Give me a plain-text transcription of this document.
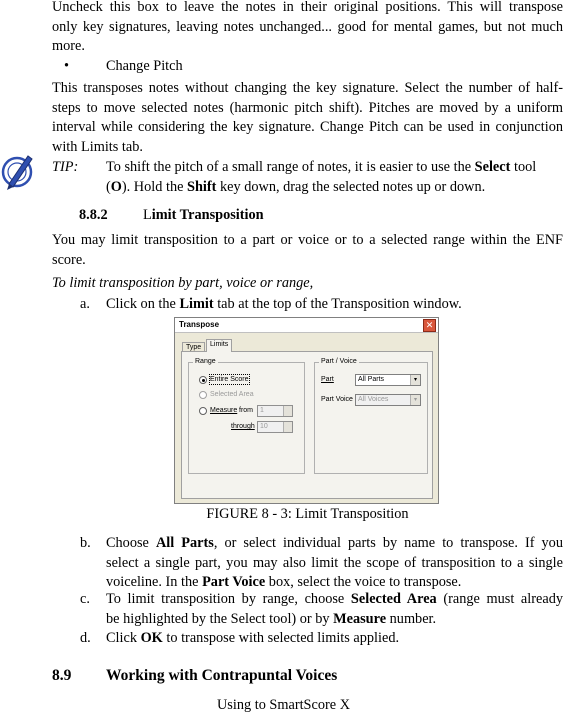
Uncheck this box to leave the notes in their original positions. This will transpose
only key signatures, leaving notes unchanged... good for mental games, but not much
more.
•	Change Pitch
This transposes notes without changing the key signature. Select the number of half-
steps to move selected notes (harmonic pitch shift). Pitches are moved by a uniform
interval while considering the key signature. Change Pitch can be used in conjunction
with Limits tab.
TIP: To shift the pitch of a small range of notes, it is easier to use the Select tool
(O). Hold the Shift key down, drag the selected notes up or down.
8.8.2 Limit Transposition
You may limit transposition to a part or voice or to a selected range within the ENF
score.
To limit transposition by part, voice or range,
a. Click on the Limit tab at the top of the Transposition window.
Transpose	✕
Type	Limits
Range
Entire Score
Selected Area
Measure from	1
through 10
Part / Voice
Part	All Parts	▾
Part Voice All Voices	▾
FIGURE 8 - 3: Limit Transposition
b. Choose All Parts, or select individual parts by name to transpose. If you
select a single part, you may also limit the scope of transposition to a single
voiceline. In the Part Voice box, select the voice to transpose.
c. To limit transposition by range, choose Selected Area (range must already
be highlighted by the Select tool) or by Measure number.
d. Click OK to transpose with selected limits applied.
8.9 Working with Contrapuntal Voices
Using to SmartScore X
